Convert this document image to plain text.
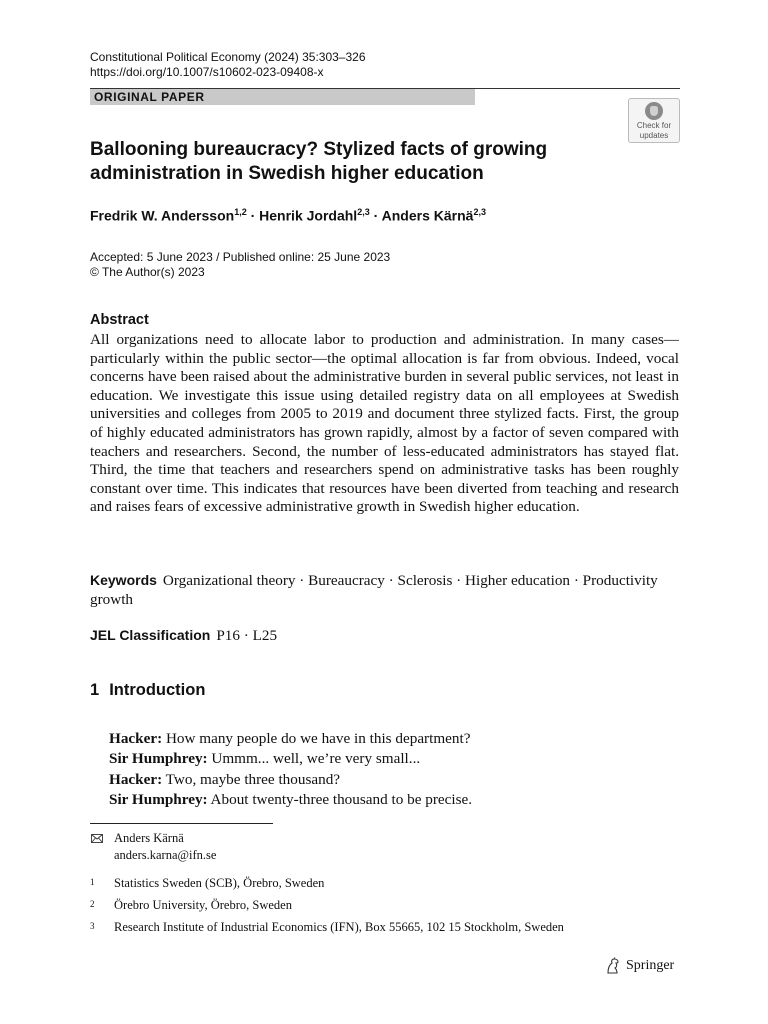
Constitutional Political Economy (2024) 35:303–326
https://doi.org/10.1007/s10602-023-09408-x
ORIGINAL PAPER
Check for
updates
Ballooning bureaucracy? Stylized facts of growing
administration in Swedish higher education
Fredrik W. Andersson$^{1,2}$ · Henrik Jordahl$^{2,3}$ · Anders Kärnä$^{2,3}$
Accepted: 5 June 2023 / Published online: 25 June 2023
© The Author(s) 2023
Abstract
All organizations need to allocate labor to production and administration. In many cases—particularly within the public sector—the optimal allocation is far from obvious. Indeed, vocal concerns have been raised about the administrative burden in several public services, not least in education. We investigate this issue using detailed registry data on all employees at Swedish universities and colleges from 2005 to 2019 and document three stylized facts. First, the group of highly educated administrators has grown rapidly, almost by a factor of seven compared with teachers and researchers. Second, the number of less-educated administrators has stayed flat. Third, the time that teachers and researchers spend on administrative tasks has been roughly constant over time. This indicates that resources have been diverted from teaching and research and raises fears of excessive administrative growth in Swedish higher education.
Keywords Organizational theory · Bureaucracy · Sclerosis · Higher education · Productivity growth
JEL Classification P16 · L25
1 Introduction
Hacker: How many people do we have in this department?
Sir Humphrey: Ummm... well, we’re very small...
Hacker: Two, maybe three thousand?
Sir Humphrey: About twenty-three thousand to be precise.
Anders Kärnä
anders.karna@ifn.se
1 Statistics Sweden (SCB), Örebro, Sweden
2 Örebro University, Örebro, Sweden
3 Research Institute of Industrial Economics (IFN), Box 55665, 102 15 Stockholm, Sweden
Springer
